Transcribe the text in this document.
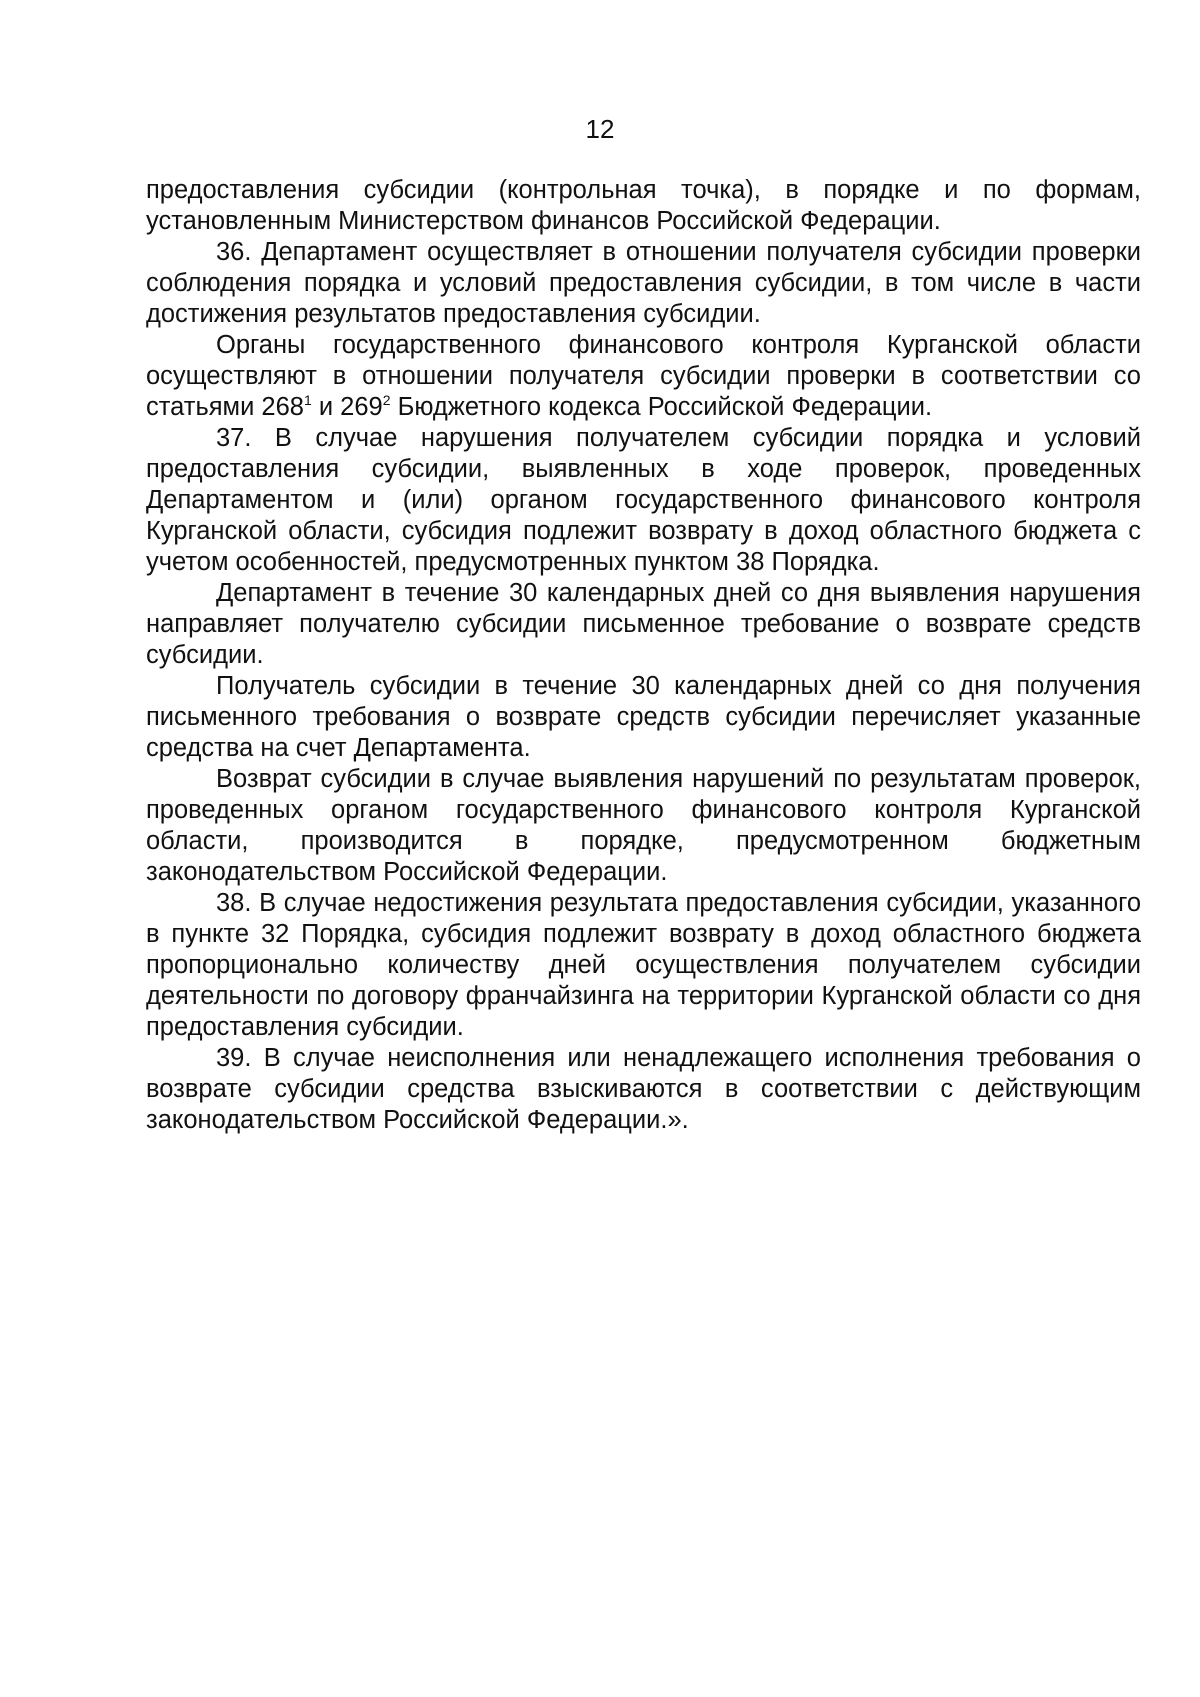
12

предоставления субсидии (контрольная точка), в порядке и по формам, установленным Министерством финансов Российской Федерации.

36. Департамент осуществляет в отношении получателя субсидии проверки соблюдения порядка и условий предоставления субсидии, в том числе в части достижения результатов предоставления субсидии.

Органы государственного финансового контроля Курганской области осуществляют в отношении получателя субсидии проверки в соответствии со статьями $268^1$ и $269^2$ Бюджетного кодекса Российской Федерации.

37. В случае нарушения получателем субсидии порядка и условий предоставления субсидии, выявленных в ходе проверок, проведенных Департаментом и (или) органом государственного финансового контроля Курганской области, субсидия подлежит возврату в доход областного бюджета с учетом особенностей, предусмотренных пунктом 38 Порядка.

Департамент в течение 30 календарных дней со дня выявления нарушения направляет получателю субсидии письменное требование о возврате средств субсидии.

Получатель субсидии в течение 30 календарных дней со дня получения письменного требования о возврате средств субсидии перечисляет указанные средства на счет Департамента.

Возврат субсидии в случае выявления нарушений по результатам проверок, проведенных органом государственного финансового контроля Курганской области, производится в порядке, предусмотренном бюджетным законодательством Российской Федерации.

38. В случае недостижения результата предоставления субсидии, указанного в пункте 32 Порядка, субсидия подлежит возврату в доход областного бюджета пропорционально количеству дней осуществления получателем субсидии деятельности по договору франчайзинга на территории Курганской области со дня предоставления субсидии.

39. В случае неисполнения или ненадлежащего исполнения требования о возврате субсидии средства взыскиваются в соответствии с действующим законодательством Российской Федерации.».
